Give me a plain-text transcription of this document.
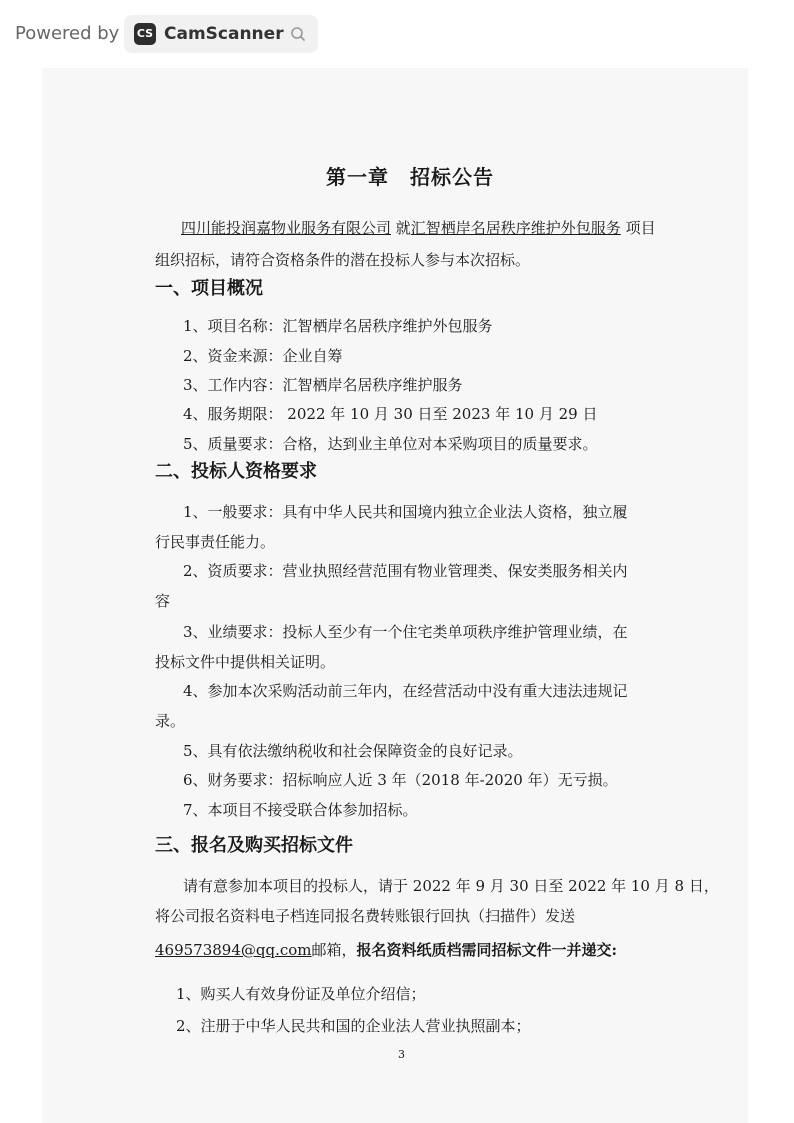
Powered by CS CamScanner
第一章　招标公告
四川能投润嘉物业服务有限公司 就汇智栖岸名居秩序维护外包服务 项目
组织招标，请符合资格条件的潜在投标人参与本次招标。
一、项目概况
1、项目名称：汇智栖岸名居秩序维护外包服务
2、资金来源：企业自筹
3、工作内容：汇智栖岸名居秩序维护服务
4、服务期限： 2022 年 10 月 30 日至 2023 年 10 月 29 日
5、质量要求：合格，达到业主单位对本采购项目的质量要求。
二、投标人资格要求
1、一般要求：具有中华人民共和国境内独立企业法人资格，独立履
行民事责任能力。
2、资质要求：营业执照经营范围有物业管理类、保安类服务相关内
容
3、业绩要求：投标人至少有一个住宅类单项秩序维护管理业绩，在
投标文件中提供相关证明。
4、参加本次采购活动前三年内，在经营活动中没有重大违法违规记
录。
5、具有依法缴纳税收和社会保障资金的良好记录。
6、财务要求：招标响应人近 3 年（2018 年-2020 年）无亏损。
7、本项目不接受联合体参加招标。
三、报名及购买招标文件
请有意参加本项目的投标人，请于 2022 年 9 月 30 日至 2022 年 10 月 8 日，
将公司报名资料电子档连同报名费转账银行回执（扫描件）发送
469573894@qq.com邮箱，报名资料纸质档需同招标文件一并递交:
1、购买人有效身份证及单位介绍信；
2、注册于中华人民共和国的企业法人营业执照副本；
3
